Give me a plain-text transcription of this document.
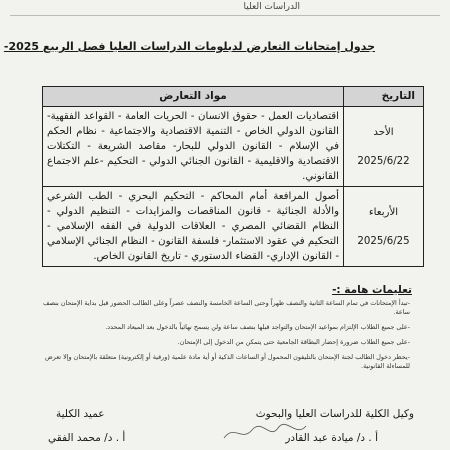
الدراسات العليا
جدول إمتحانات التعارض لدبلومات الدراسات العليا فصل الربيع 2025-
التاريخ	مواد التعارض

الأحد
2025/6/22	اقتصاديات العمل - حقوق الانسان - الحريات العامة - القواعد الفقهية- القانون الدولي الخاص - التنمية الاقتصادية والاجتماعية - نظام الحكم في الإسلام - القانون الدولي للبحار- مقاصد الشريعة - التكتلات الاقتصادية والاقليمية - القانون الجنائي الدولي - التحكيم -علم الاجتماع القانوني.

الأربعاء
2025/6/25	أصول المرافعة أمام المحاكم - التحكيم البحري - الطب الشرعي والأدلة الجنائية - قانون المناقصات والمزايدات - التنظيم الدولي - النظام القضائي المصري - العلاقات الدولية في الفقه الإسلامي - التحكيم في عقود الاستثمار- فلسفة القانون - النظام الجنائي الإسلامي - القانون الإداري- القضاء الدستوري - تاريخ القانون الخاص.
تعليمات هامة :-

-تبدأ الإمتحانات في تمام الساعة الثانية والنصف ظهراً وحتى الساعة الخامسة والنصف عصراً وعلى الطالب الحضور قبل بداية الإمتحان بنصف ساعة.

-على جميع الطلاب الإلتزام بمواعيد الإمتحان والتواجد قبلها بنصف ساعة ولن يسمح نهائياً بالدخول بعد الميعاد المحدد.

-على جميع الطلاب ضرورة إحضار البطاقة الجامعية حتى يتمكن من الدخول إلى الإمتحان.

-يحظر دخول الطالب لجنة الإمتحان بالتليفون المحمول أو الساعات الذكية أو أية مادة علمية (ورقية أو إلكترونية) متعلقة بالإمتحان وإلا تعرض للمساءلة القانونية.

وكيل الكلية للدراسات العليا والبحوث
أ . د/ ميادة عبد القادر
عميد الكلية
أ . د/ محمد الفقي
